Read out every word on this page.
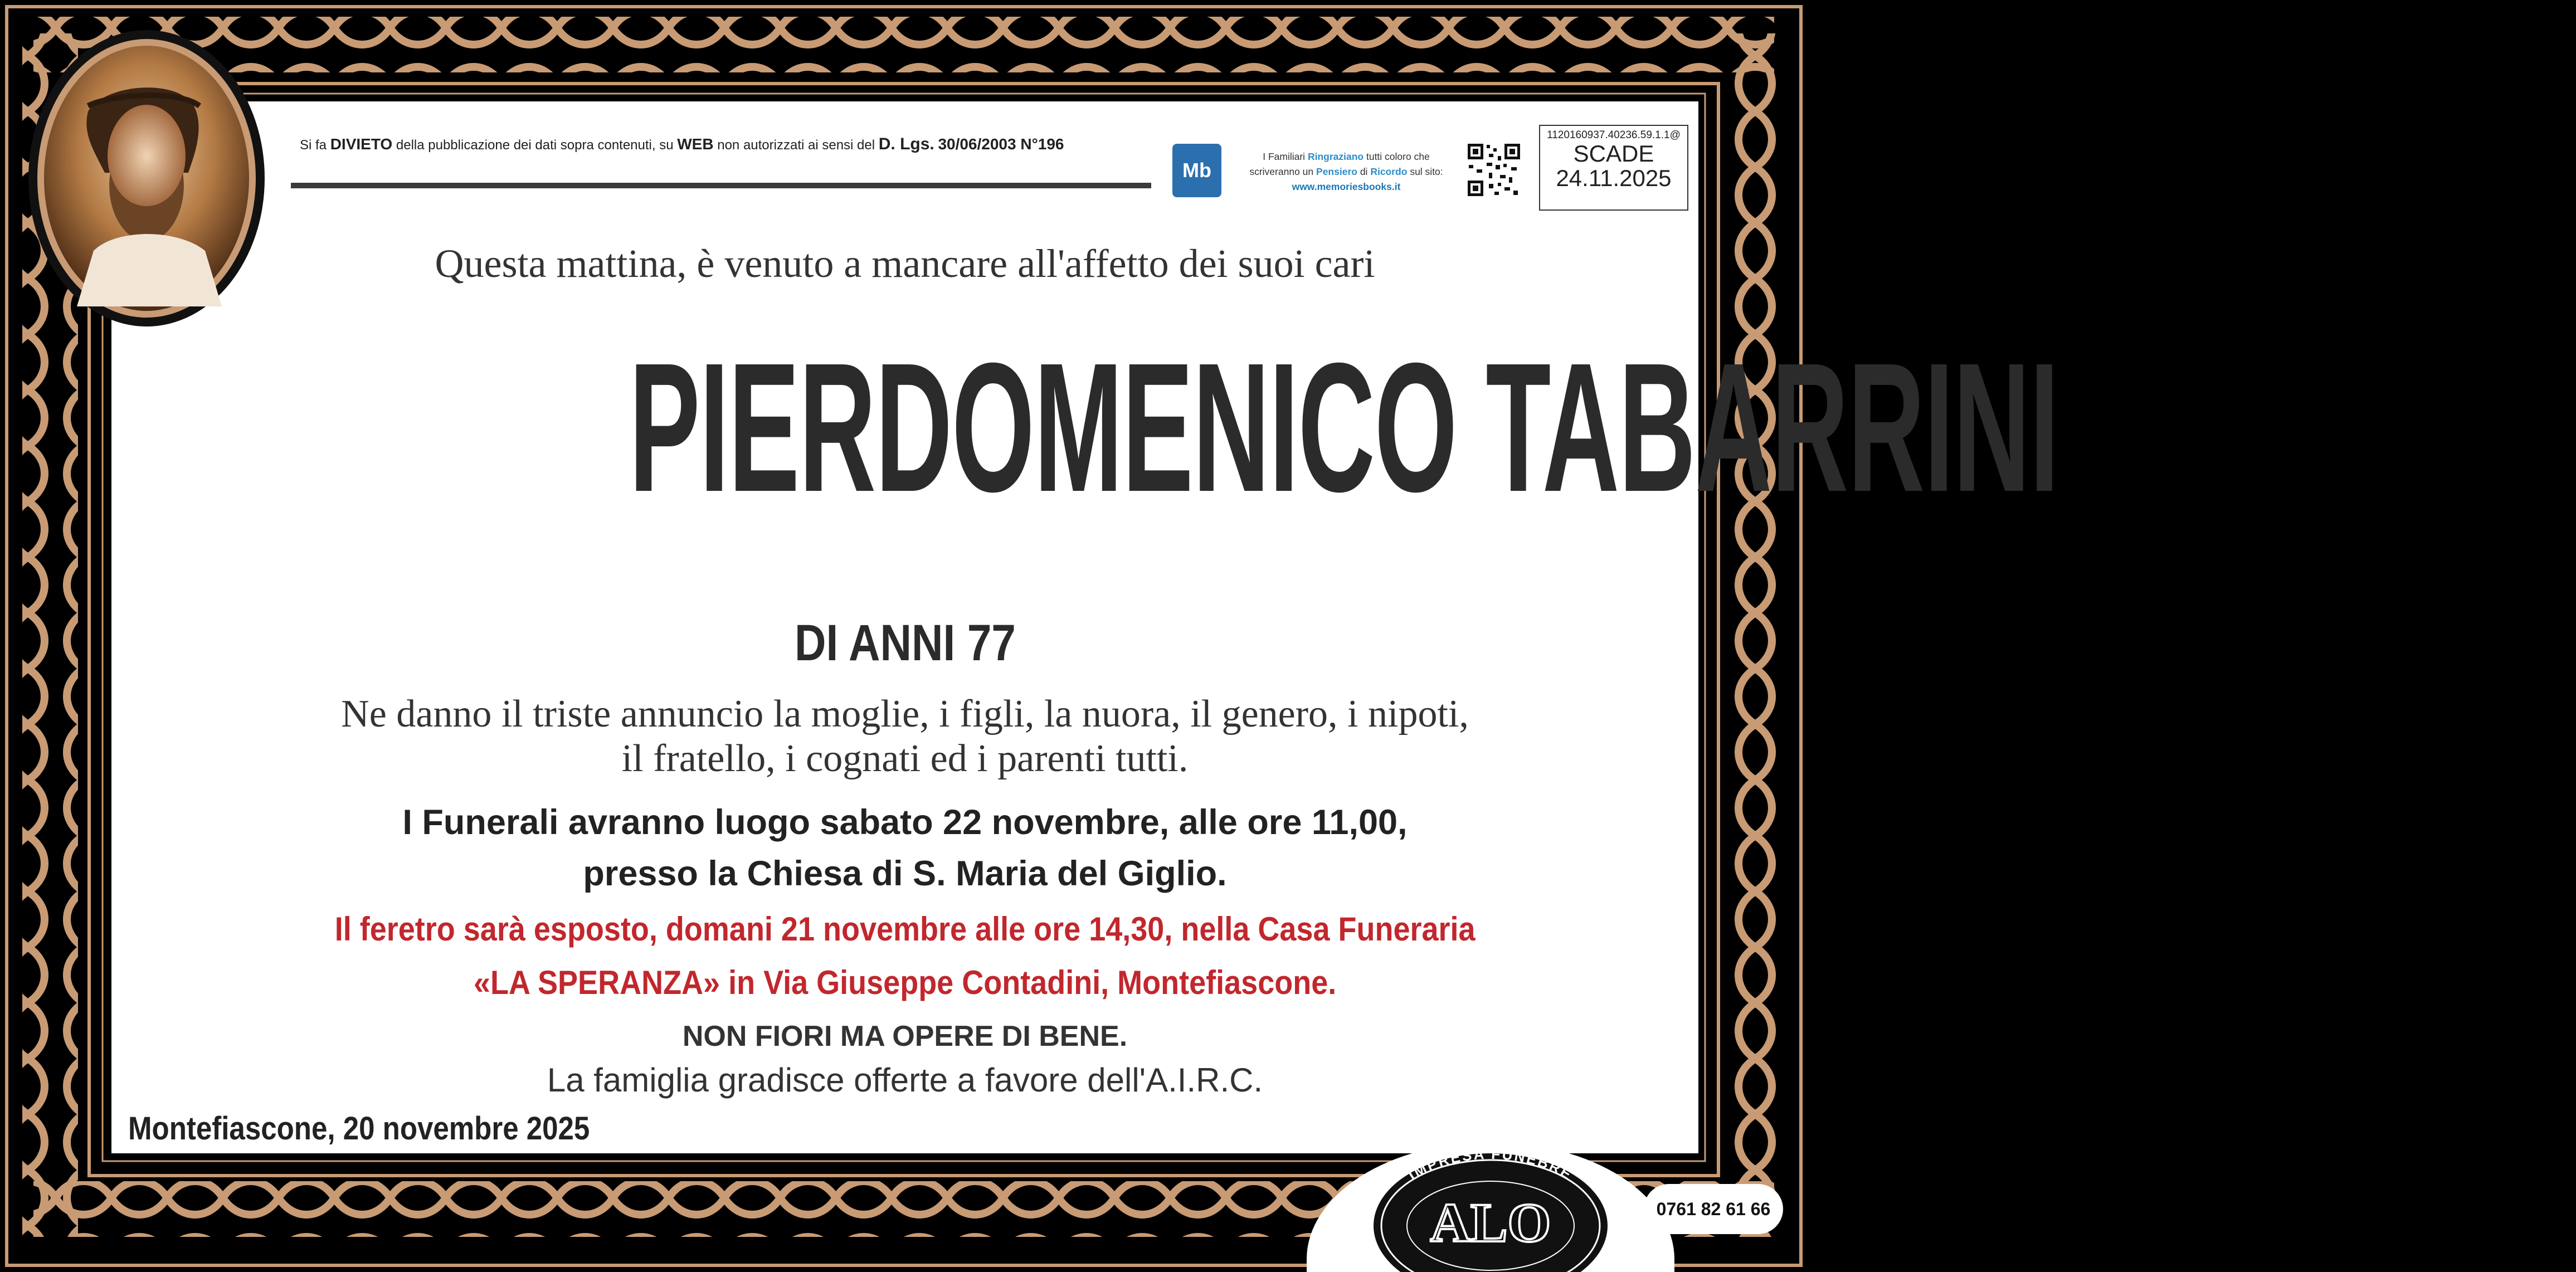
Si fa DIVIETO della pubblicazione dei dati sopra contenuti, su WEB non autorizzati ai sensi del D. Lgs. 30/06/2003 N°196
Mb
I Familiari Ringraziano tutti coloro che
scriveranno un Pensiero di Ricordo sul sito:
www.memoriesbooks.it
1120160937.40236.59.1.1@
SCADE
24.11.2025
Questa mattina, è venuto a mancare all'affetto dei suoi cari
PIERDOMENICO TABARRINI
DI ANNI 77
Ne danno il triste annuncio la moglie, i figli, la nuora, il genero, i nipoti,
il fratello, i cognati ed i parenti tutti.
I Funerali avranno luogo sabato 22 novembre, alle ore 11,00,
presso la Chiesa di S. Maria del Giglio.
Il feretro sarà esposto, domani 21 novembre alle ore 14,30, nella Casa Funeraria
«LA SPERANZA» in Via Giuseppe Contadini, Montefiascone.
NON FIORI MA OPERE DI BENE.
La famiglia gradisce offerte a favore dell'A.I.R.C.
Montefiascone, 20 novembre 2025
IMPRESA FUNEBRE
ALO	0761 82 61 66
